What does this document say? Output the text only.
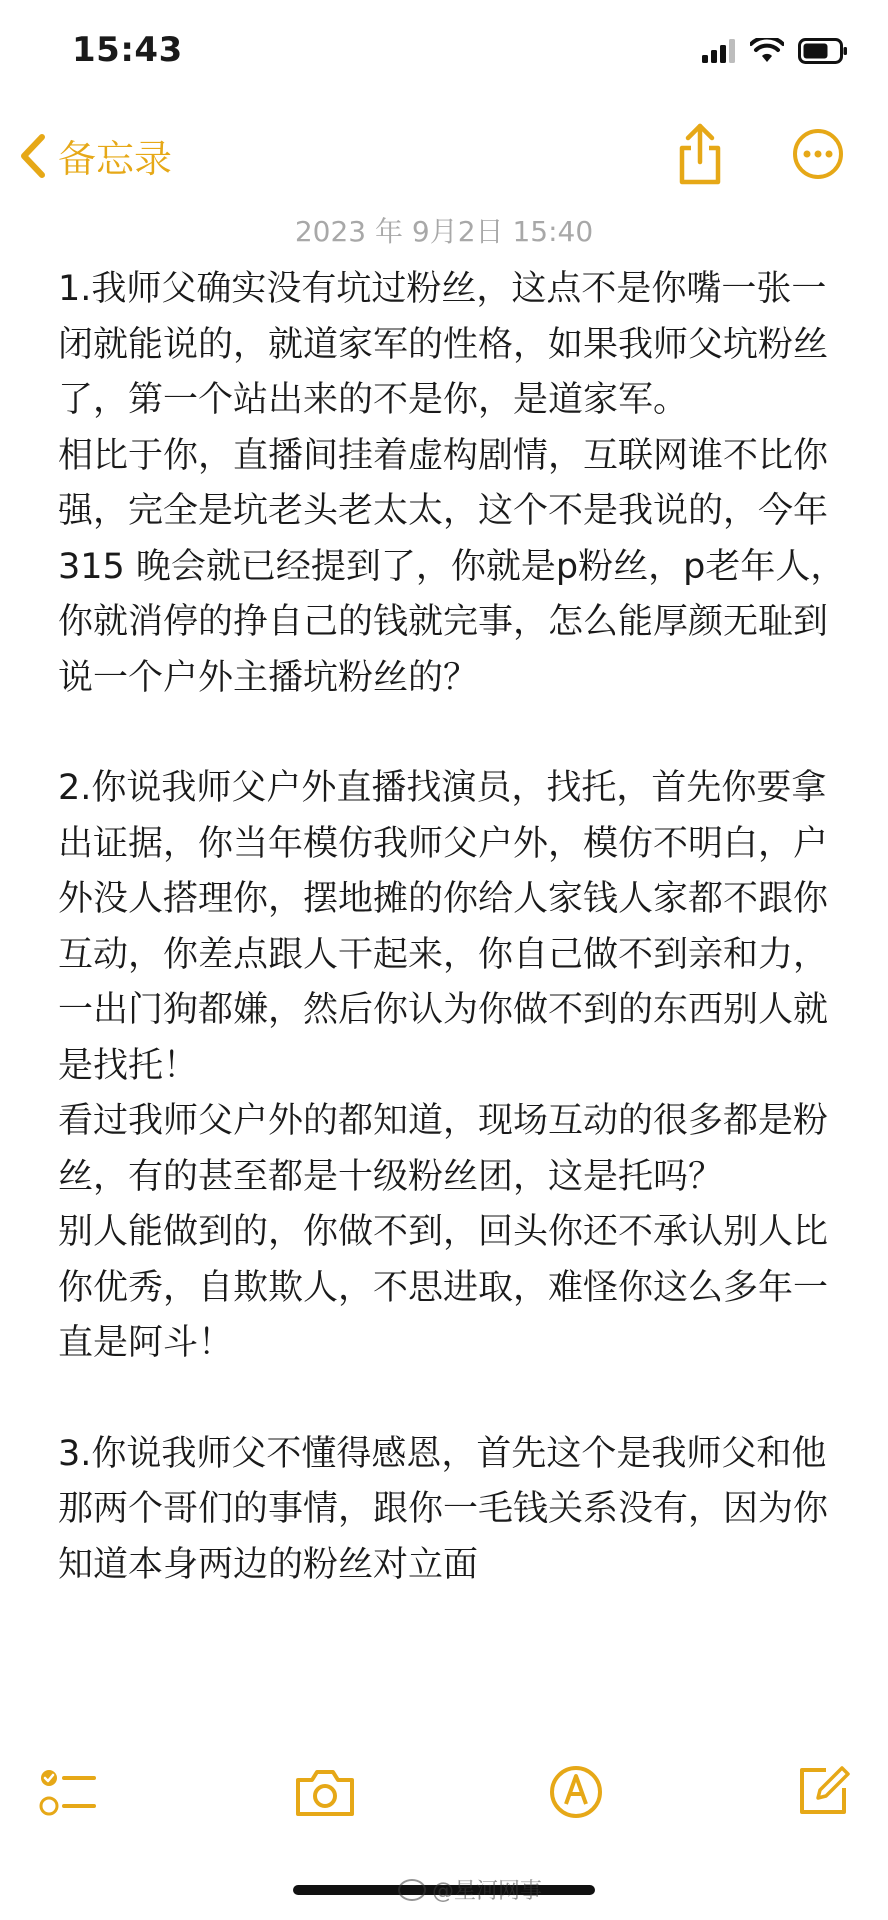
15:43
备忘录
2023 年 9月2日 15:40

1.我师父确实没有坑过粉丝，这点不是你嘴一张一闭就能说的，就道家军的性格，如果我师父坑粉丝了，第一个站出来的不是你，是道家军。

相比于你，直播间挂着虚构剧情，互联网谁不比你强，完全是坑老头老太太，这个不是我说的，今年 315 晚会就已经提到了，你就是p粉丝，p老年人，你就消停的挣自己的钱就完事，怎么能厚颜无耻到说一个户外主播坑粉丝的？

2.你说我师父户外直播找演员，找托，首先你要拿出证据，你当年模仿我师父户外，模仿不明白，户外没人搭理你，摆地摊的你给人家钱人家都不跟你互动，你差点跟人干起来，你自己做不到亲和力，一出门狗都嫌，然后你认为你做不到的东西别人就是找托！

看过我师父户外的都知道，现场互动的很多都是粉丝，有的甚至都是十级粉丝团，这是托吗？

别人能做到的，你做不到，回头你还不承认别人比你优秀，自欺欺人，不思进取，难怪你这么多年一直是阿斗！

3.你说我师父不懂得感恩，首先这个是我师父和他那两个哥们的事情，跟你一毛钱关系没有，因为你知道本身两边的粉丝对立面

@星河网事
